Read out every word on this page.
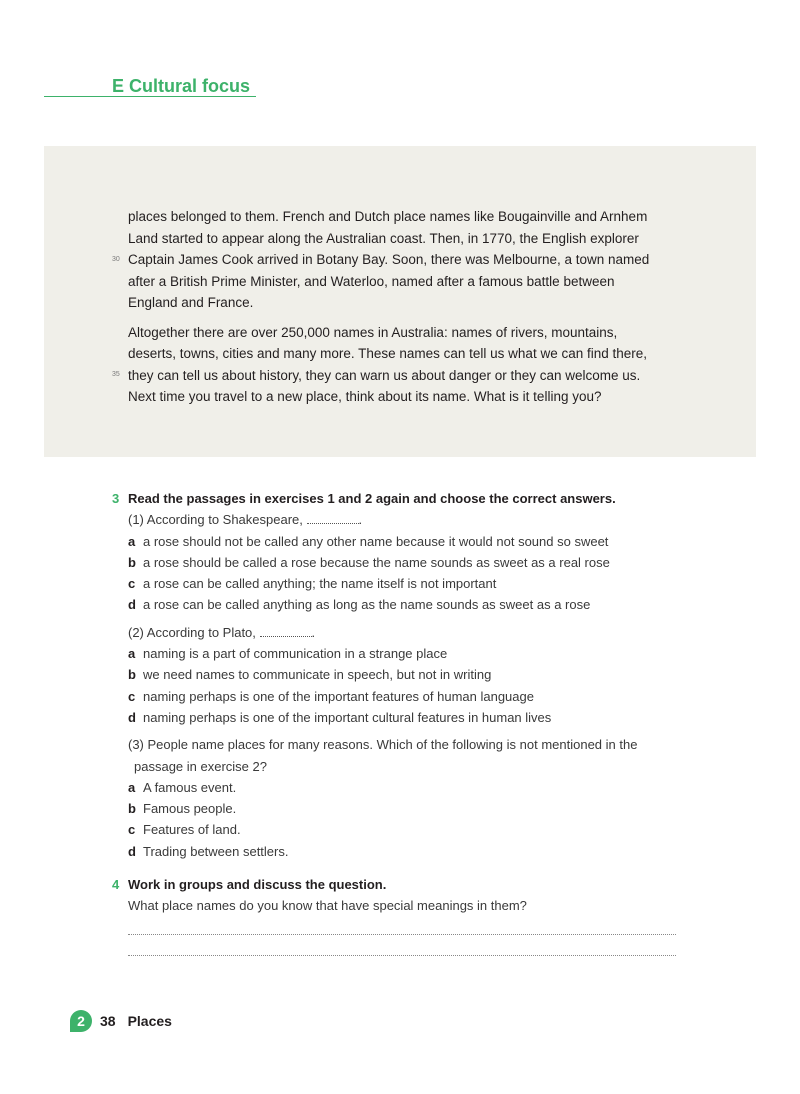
E Cultural focus
30
35

places belonged to them. French and Dutch place names like Bougainville and Arnhem

Land started to appear along the Australian coast. Then, in 1770, the English explorer

Captain James Cook arrived in Botany Bay. Soon, there was Melbourne, a town named

after a British Prime Minister, and Waterloo, named after a famous battle between

England and France.

Altogether there are over 250,000 names in Australia: names of rivers, mountains,

deserts, towns, cities and many more. These names can tell us what we can find there,

they can tell us about history, they can warn us about danger or they can welcome us.

Next time you travel to a new place, think about its name. What is it telling you?

3 Read the passages in exercises 1 and 2 again and choose the correct answers.
(1) According to Shakespeare,	.
a a rose should not be called any other name because it would not sound so sweet
b a rose should be called a rose because the name sounds as sweet as a real rose
c a rose can be called anything; the name itself is not important
d a rose can be called anything as long as the name sounds as sweet as a rose
(2) According to Plato,	.
a naming is a part of communication in a strange place
b we need names to communicate in speech, but not in writing
c naming perhaps is one of the important features of human language
d naming perhaps is one of the important cultural features in human lives
(3) People name places for many reasons. Which of the following is not mentioned in the
passage in exercise 2?
a A famous event.
b Famous people.
c Features of land.
d Trading between settlers.
4 Work in groups and discuss the question.
What place names do you know that have special meanings in them?
2	38 Places
